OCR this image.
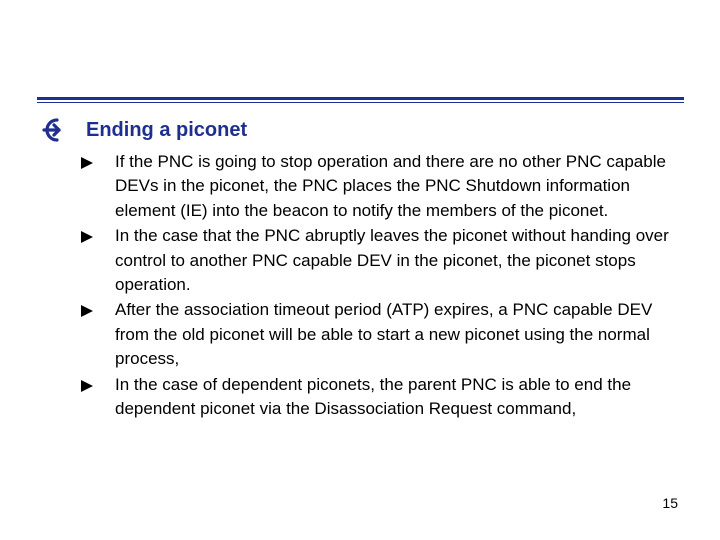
Ending a piconet
If the PNC is going to stop operation and there are no other PNC capable DEVs in the piconet, the PNC places the PNC Shutdown information element (IE) into the beacon to notify the members of the piconet.
In the case that the PNC abruptly leaves the piconet without handing over control to another PNC capable DEV in the piconet, the piconet stops operation.
After the association timeout period (ATP) expires, a PNC capable DEV from the old piconet will be able to start a new piconet using the normal process,
In the case of dependent piconets, the parent PNC is able to end the dependent piconet via the Disassociation Request command,
15
